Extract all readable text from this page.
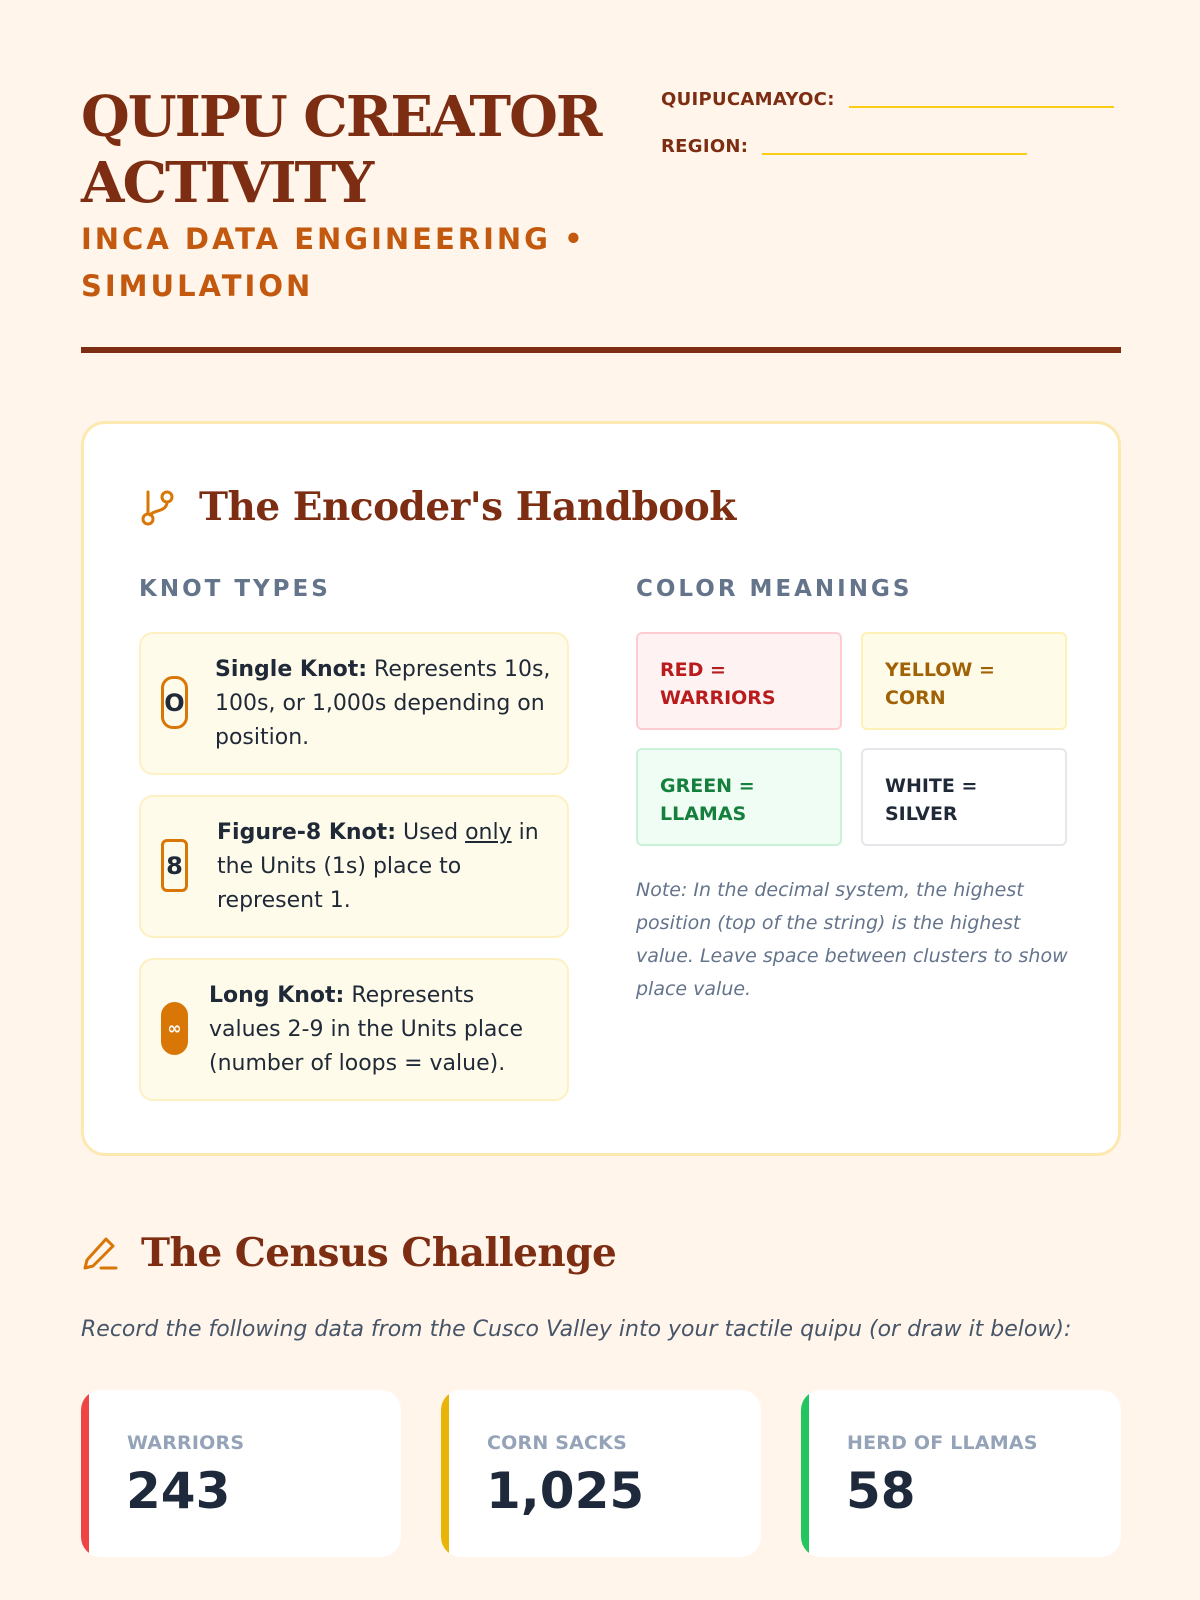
QUIPU CREATOR ACTIVITY
INCA DATA ENGINEERING • SIMULATION
QUIPUCAMAYOC:
REGION:
The Encoder's Handbook
KNOT TYPES	COLOR MEANINGS
O
Single Knot: Represents 10s, 100s, or 1,000s depending on position.
8
Figure-8 Knot: Used only in the Units (1s) place to represent 1.
∞
Long Knot: Represents values 2-9 in the Units place (number of loops = value).
RED = WARRIORS
YELLOW = CORN
GREEN = LLAMAS
WHITE = SILVER
Note: In the decimal system, the highest position (top of the string) is the highest value. Leave space between clusters to show place value.
The Census Challenge
Record the following data from the Cusco Valley into your tactile quipu (or draw it below):
WARRIORS
243
CORN SACKS
1,025
HERD OF LLAMAS
58
